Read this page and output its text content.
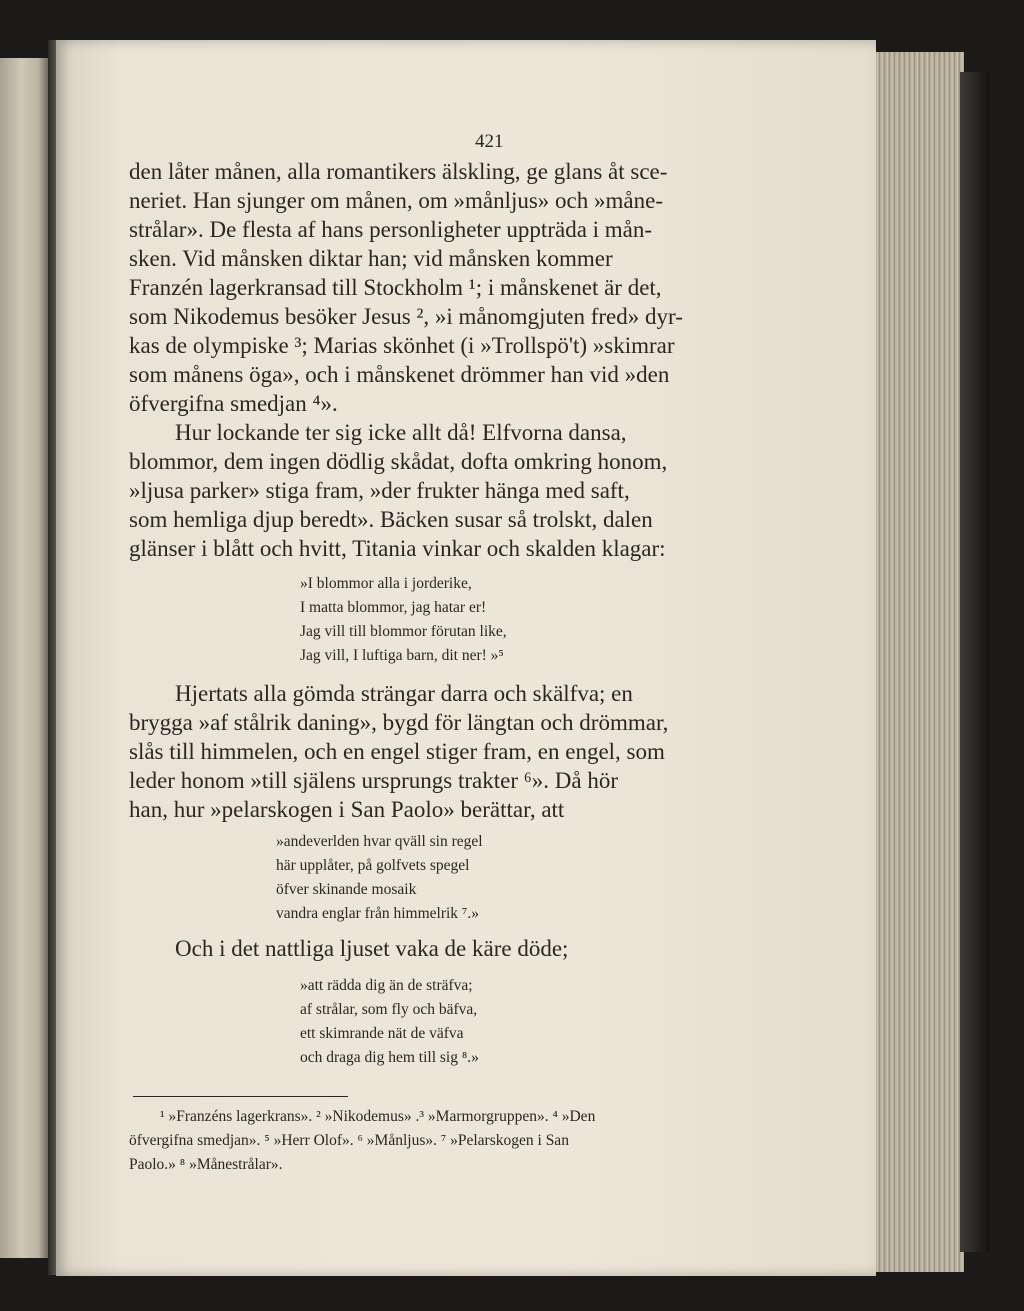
421
den låter månen, alla romantikers älskling, ge glans åt sce-
neriet. Han sjunger om månen, om »månljus» och »måne-
strålar». De flesta af hans personligheter uppträda i mån-
sken. Vid månsken diktar han; vid månsken kommer
Franzén lagerkransad till Stockholm ¹; i månskenet är det,
som Nikodemus besöker Jesus ², »i månomgjuten fred» dyr-
kas de olympiske ³; Marias skönhet (i »Trollspö't) »skimrar
som månens öga», och i månskenet drömmer han vid »den
öfvergifna smedjan ⁴».
Hur lockande ter sig icke allt då! Elfvorna dansa,
blommor, dem ingen dödlig skådat, dofta omkring honom,
»ljusa parker» stiga fram, »der frukter hänga med saft,
som hemliga djup beredt». Bäcken susar så trolskt, dalen
glänser i blått och hvitt, Titania vinkar och skalden klagar:
»I blommor alla i jorderike,
I matta blommor, jag hatar er!
Jag vill till blommor förutan like,
Jag vill, I luftiga barn, dit ner! »⁵
Hjertats alla gömda strängar darra och skälfva; en
brygga »af stålrik daning», bygd för längtan och drömmar,
slås till himmelen, och en engel stiger fram, en engel, som
leder honom »till själens ursprungs trakter ⁶». Då hör
han, hur »pelarskogen i San Paolo» berättar, att
»andeverlden hvar qväll sin regel
här upplåter, på golfvets spegel
öfver skinande mosaik
vandra englar från himmelrik ⁷.»
Och i det nattliga ljuset vaka de käre döde;
»att rädda dig än de sträfva;
af strålar, som fly och bäfva,
ett skimrande nät de väfva
och draga dig hem till sig ⁸.»
¹ »Franzéns lagerkrans». ² »Nikodemus» .³ »Marmorgruppen». ⁴ »Den
öfvergifna smedjan». ⁵ »Herr Olof». ⁶ »Månljus». ⁷ »Pelarskogen i San
Paolo.» ⁸ »Månestrålar».
